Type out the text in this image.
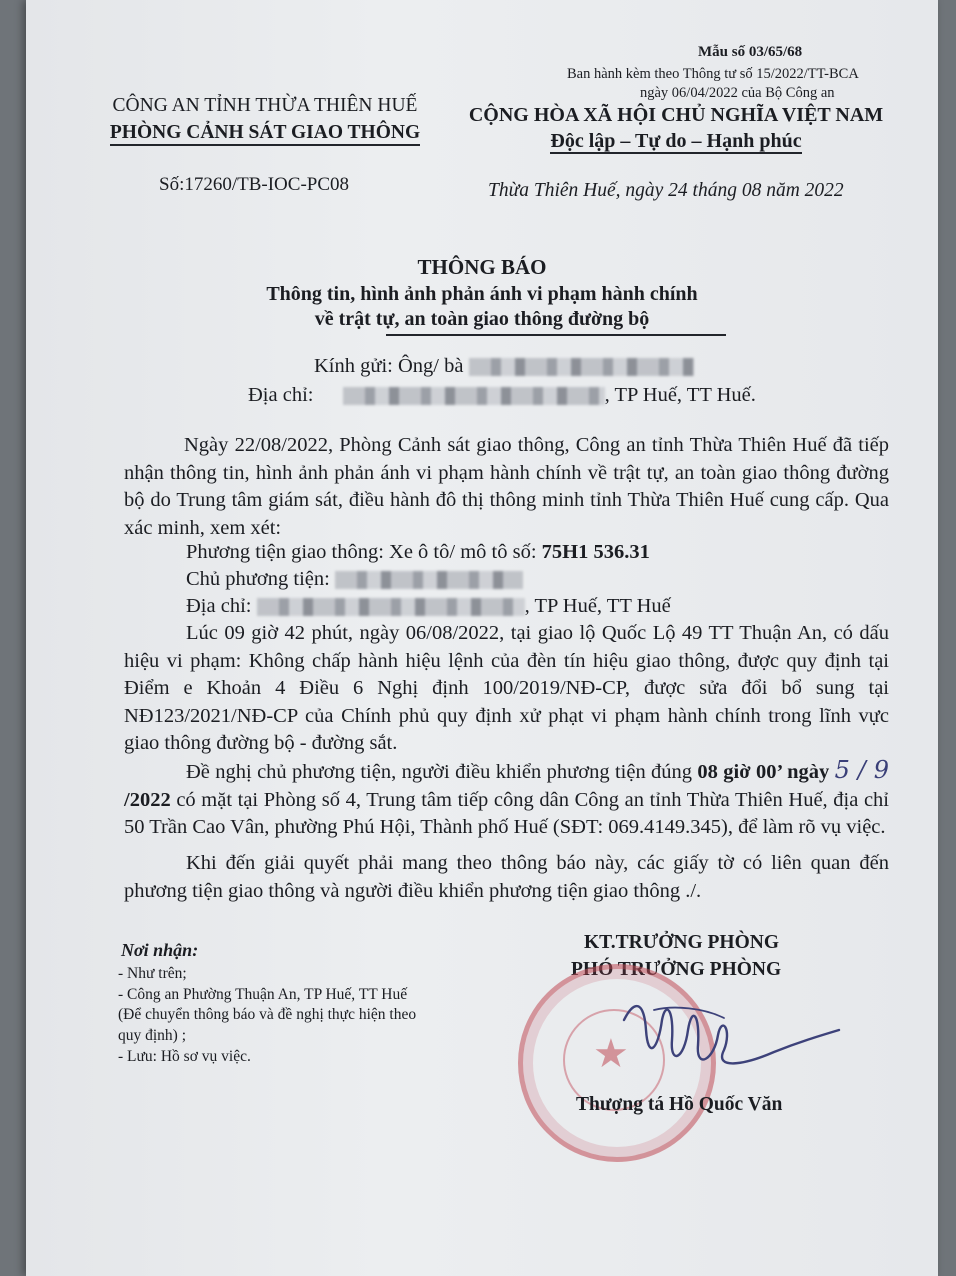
Mẫu số 03/65/68
Ban hành kèm theo Thông tư số 15/2022/TT-BCA
ngày 06/04/2022 của Bộ Công an
CÔNG AN TỈNH THỪA THIÊN HUẾ
PHÒNG CẢNH SÁT GIAO THÔNG
Số:17260/TB-IOC-PC08
CỘNG HÒA XÃ HỘI CHỦ NGHĨA VIỆT NAM
Độc lập – Tự do – Hạnh phúc
Thừa Thiên Huế, ngày 24 tháng 08 năm 2022
THÔNG BÁO
Thông tin, hình ảnh phản ánh vi phạm hành chính
về trật tự, an toàn giao thông đường bộ
Kính gửi: Ông/ bà
Địa chỉ:	, TP Huế, TT Huế.

Ngày 22/08/2022, Phòng Cảnh sát giao thông, Công an tỉnh Thừa Thiên Huế đã tiếp nhận thông tin, hình ảnh phản ánh vi phạm hành chính về trật tự, an toàn giao thông đường bộ do Trung tâm giám sát, điều hành đô thị thông minh tỉnh Thừa Thiên Huế cung cấp. Qua xác minh, xem xét:

Phương tiện giao thông: Xe ô tô/ mô tô số: 75H1 536.31
Chủ phương tiện:
Địa chỉ:	, TP Huế, TT Huế

Lúc 09 giờ 42 phút, ngày 06/08/2022, tại giao lộ Quốc Lộ 49 TT Thuận An, có dấu hiệu vi phạm: Không chấp hành hiệu lệnh của đèn tín hiệu giao thông, được quy định tại Điểm e Khoản 4 Điều 6 Nghị định 100/2019/NĐ-CP, được sửa đổi bổ sung tại NĐ123/2021/NĐ-CP của Chính phủ quy định xử phạt vi phạm hành chính trong lĩnh vực giao thông đường bộ - đường sắt.

Đề nghị chủ phương tiện, người điều khiển phương tiện đúng 08 giờ 00’ ngày 5 / 9 /2022 có mặt tại Phòng số 4, Trung tâm tiếp công dân Công an tỉnh Thừa Thiên Huế, địa chỉ 50 Trần Cao Vân, phường Phú Hội, Thành phố Huế (SĐT: 069.4149.345), để làm rõ vụ việc.

Khi đến giải quyết phải mang theo thông báo này, các giấy tờ có liên quan đến phương tiện giao thông và người điều khiển phương tiện giao thông ./.

Nơi nhận:
- Như trên;
- Công an Phường Thuận An, TP Huế, TT Huế
(Để chuyển thông báo và đề nghị thực hiện theo
quy định) ;
- Lưu: Hồ sơ vụ việc.
KT.TRƯỞNG PHÒNG
PHÓ TRƯỞNG PHÒNG
★
Thượng tá Hồ Quốc Văn
